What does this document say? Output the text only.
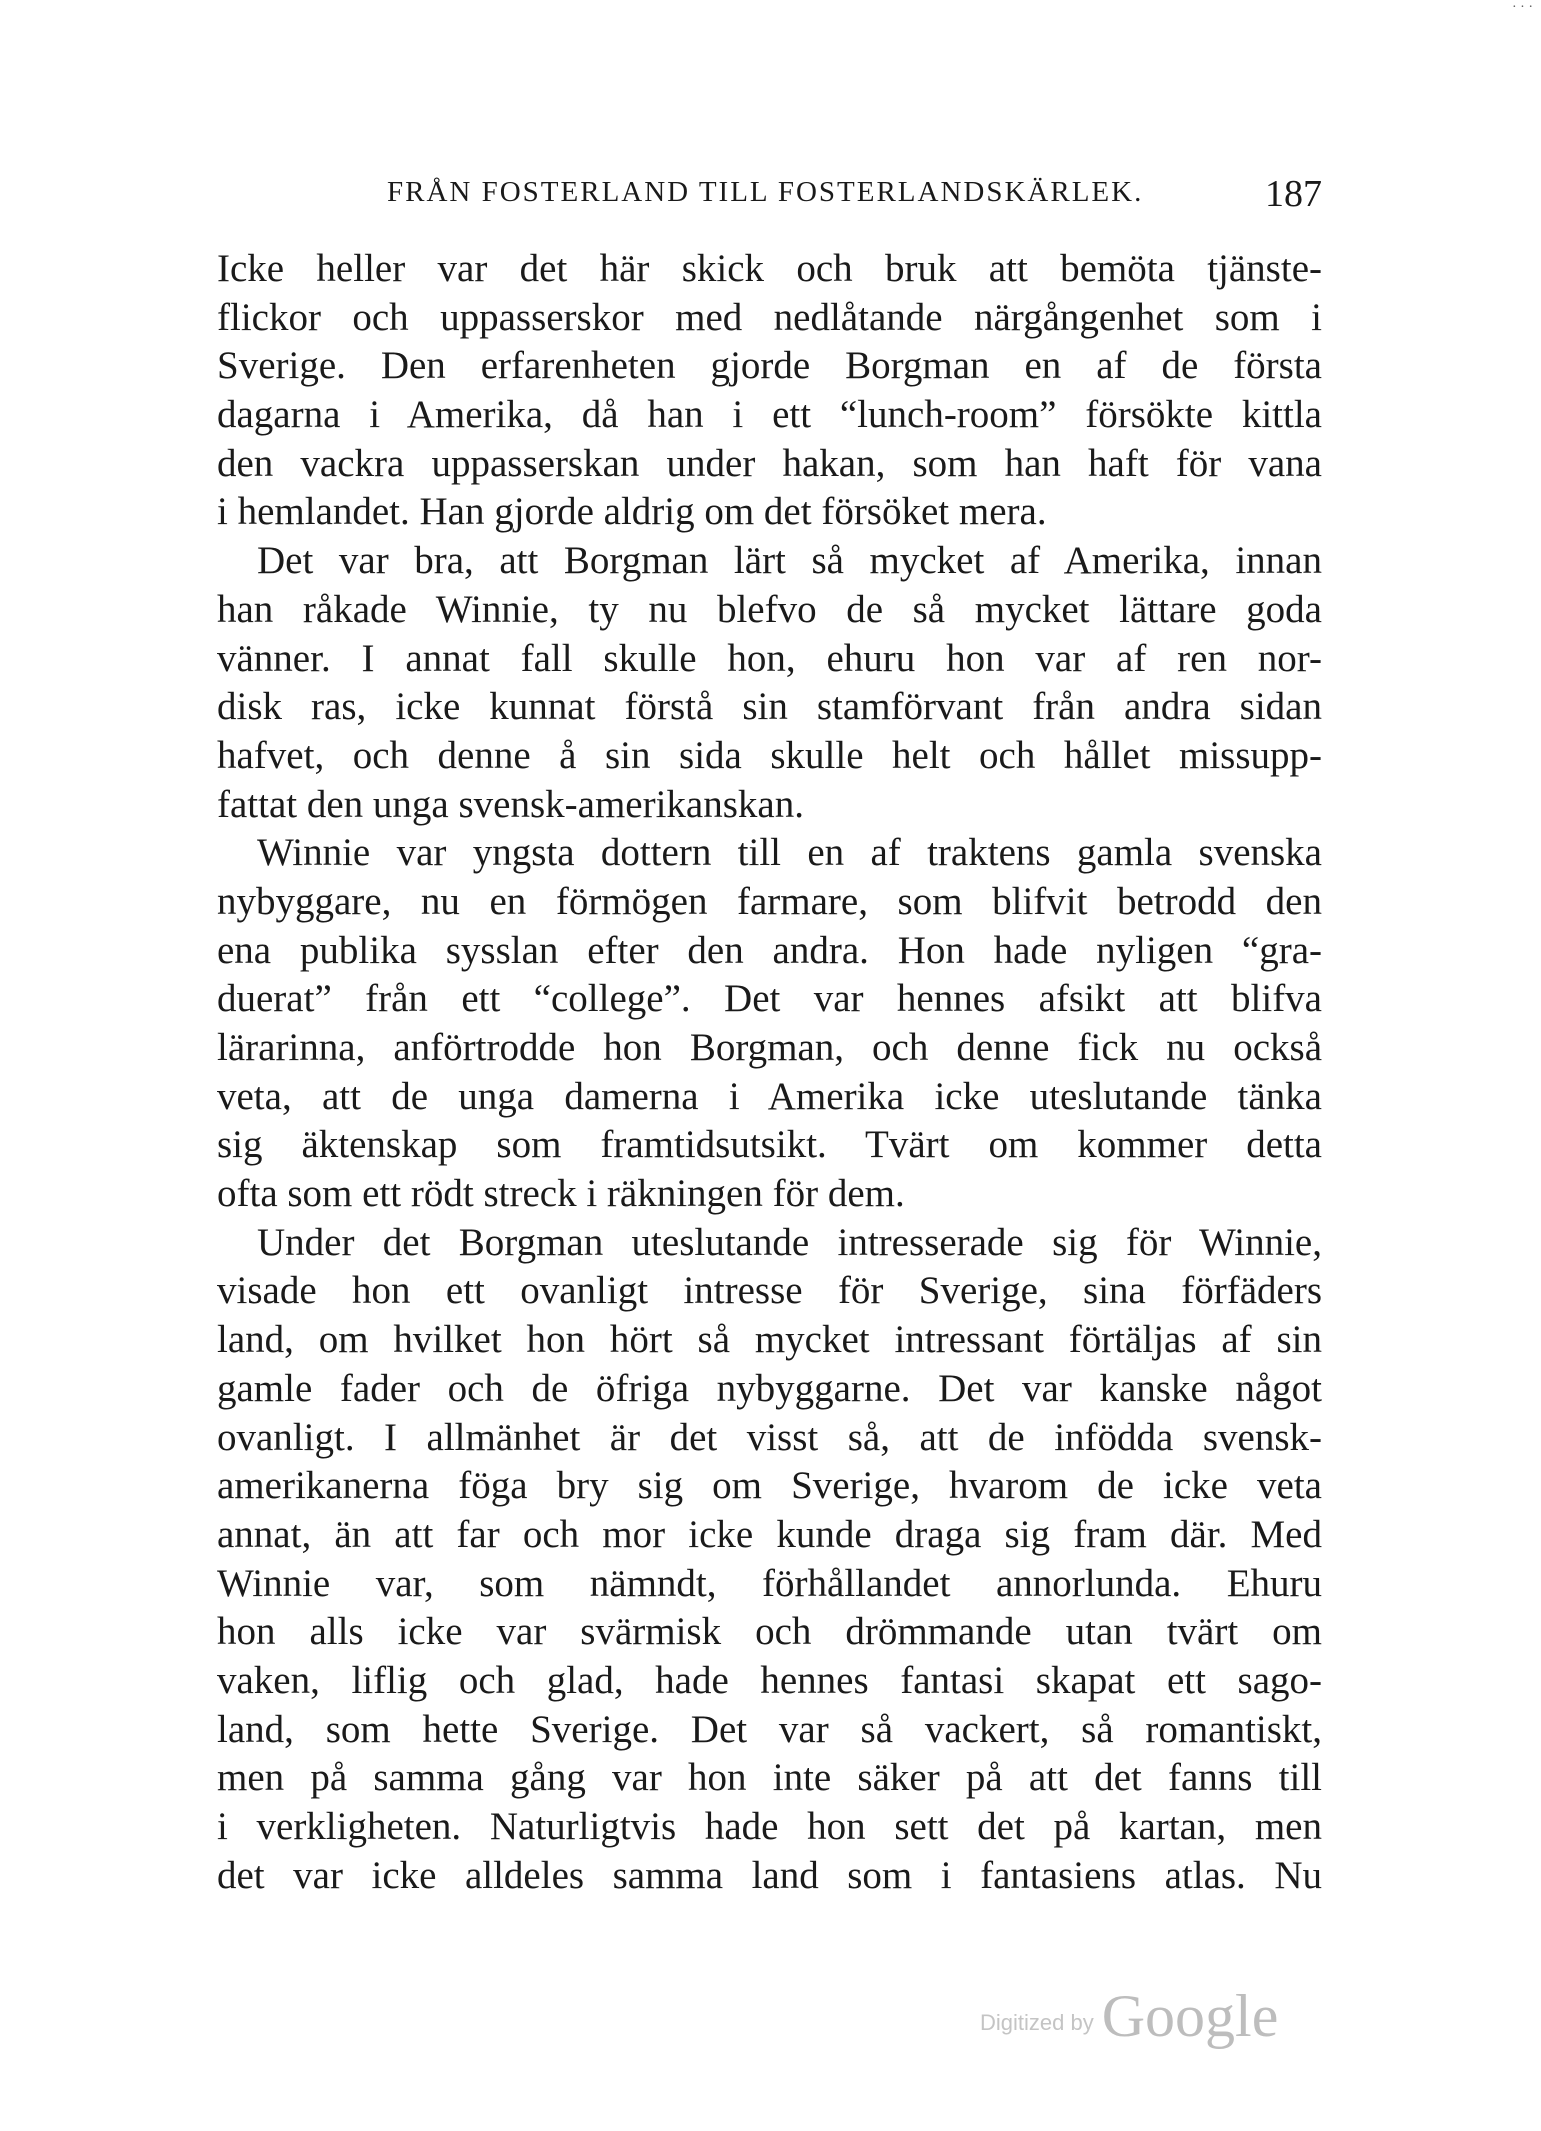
· · ·
FRÅN FOSTERLAND TILL FOSTERLANDSKÄRLEK.	187
Icke heller var det här skick och bruk att bemöta tjänste-
flickor och uppasserskor med nedlåtande närgångenhet som i
Sverige. Den erfarenheten gjorde Borgman en af de första
dagarna i Amerika, då han i ett “lunch-room” försökte kittla
den vackra uppasserskan under hakan, som han haft för vana
i hemlandet. Han gjorde aldrig om det försöket mera.
Det var bra, att Borgman lärt så mycket af Amerika, innan
han råkade Winnie, ty nu blefvo de så mycket lättare goda
vänner. I annat fall skulle hon, ehuru hon var af ren nor-
disk ras, icke kunnat förstå sin stamförvant från andra sidan
hafvet, och denne å sin sida skulle helt och hållet missupp-
fattat den unga svensk-amerikanskan.
Winnie var yngsta dottern till en af traktens gamla svenska
nybyggare, nu en förmögen farmare, som blifvit betrodd den
ena publika sysslan efter den andra. Hon hade nyligen “gra-
duerat” från ett “college”. Det var hennes afsikt att blifva
lärarinna, anförtrodde hon Borgman, och denne fick nu också
veta, att de unga damerna i Amerika icke uteslutande tänka
sig äktenskap som framtidsutsikt. Tvärt om kommer detta
ofta som ett rödt streck i räkningen för dem.
Under det Borgman uteslutande intresserade sig för Winnie,
visade hon ett ovanligt intresse för Sverige, sina förfäders
land, om hvilket hon hört så mycket intressant förtäljas af sin
gamle fader och de öfriga nybyggarne. Det var kanske något
ovanligt. I allmänhet är det visst så, att de infödda svensk-
amerikanerna föga bry sig om Sverige, hvarom de icke veta
annat, än att far och mor icke kunde draga sig fram där. Med
Winnie var, som nämndt, förhållandet annorlunda. Ehuru
hon alls icke var svärmisk och drömmande utan tvärt om
vaken, liflig och glad, hade hennes fantasi skapat ett sago-
land, som hette Sverige. Det var så vackert, så romantiskt,
men på samma gång var hon inte säker på att det fanns till
i verkligheten. Naturligtvis hade hon sett det på kartan, men
det var icke alldeles samma land som i fantasiens atlas. Nu
Digitized by Google
